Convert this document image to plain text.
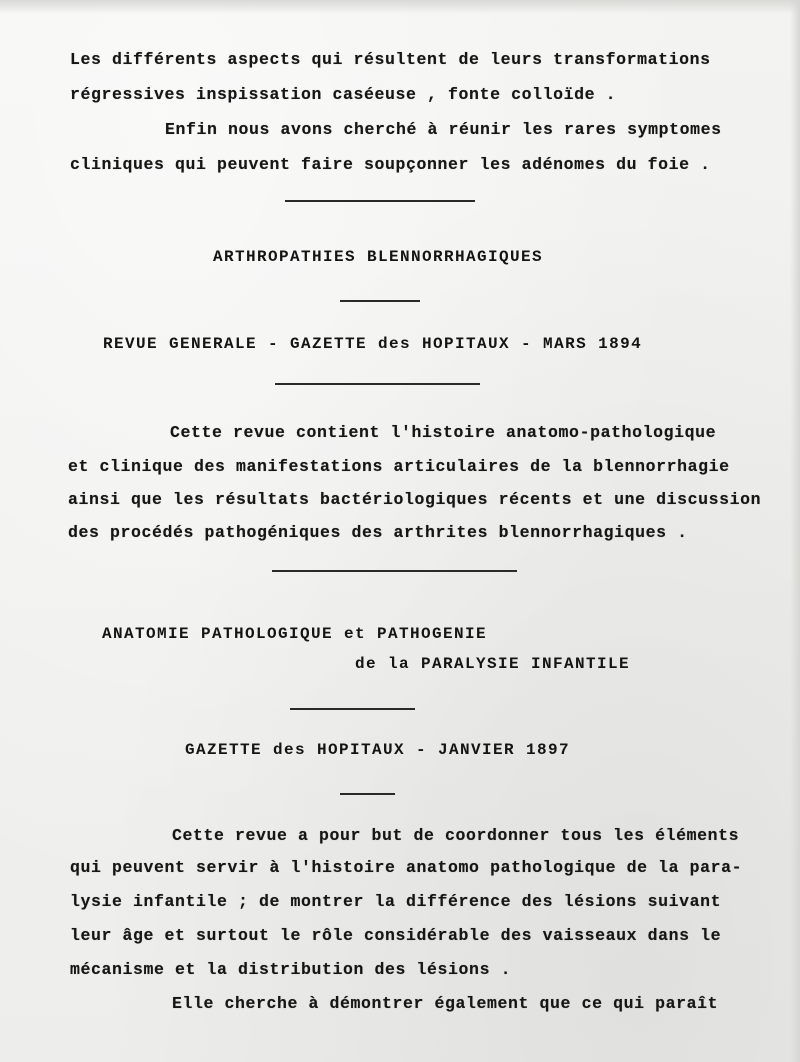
Les différents aspects qui résultent de leurs transformations
régressives inspissation caséeuse , fonte colloïde .
Enfin nous avons cherché à réunir les rares symptomes
cliniques qui peuvent faire soupçonner les adénomes du foie .
ARTHROPATHIES BLENNORRHAGIQUES
REVUE GENERALE - GAZETTE des HOPITAUX - MARS 1894
Cette revue contient l'histoire anatomo-pathologique
et clinique des manifestations articulaires de la blennorrhagie
ainsi que les résultats bactériologiques récents et une discussion
des procédés pathogéniques des arthrites blennorrhagiques .
ANATOMIE PATHOLOGIQUE et PATHOGENIE
de la PARALYSIE INFANTILE
GAZETTE des HOPITAUX - JANVIER 1897
Cette revue a pour but de coordonner tous les éléments
qui peuvent servir à l'histoire anatomo pathologique de la para-
lysie infantile ; de montrer la différence des lésions suivant
leur âge et surtout le rôle considérable des vaisseaux dans le
mécanisme et la distribution des lésions .
Elle cherche à démontrer également que ce qui paraît
